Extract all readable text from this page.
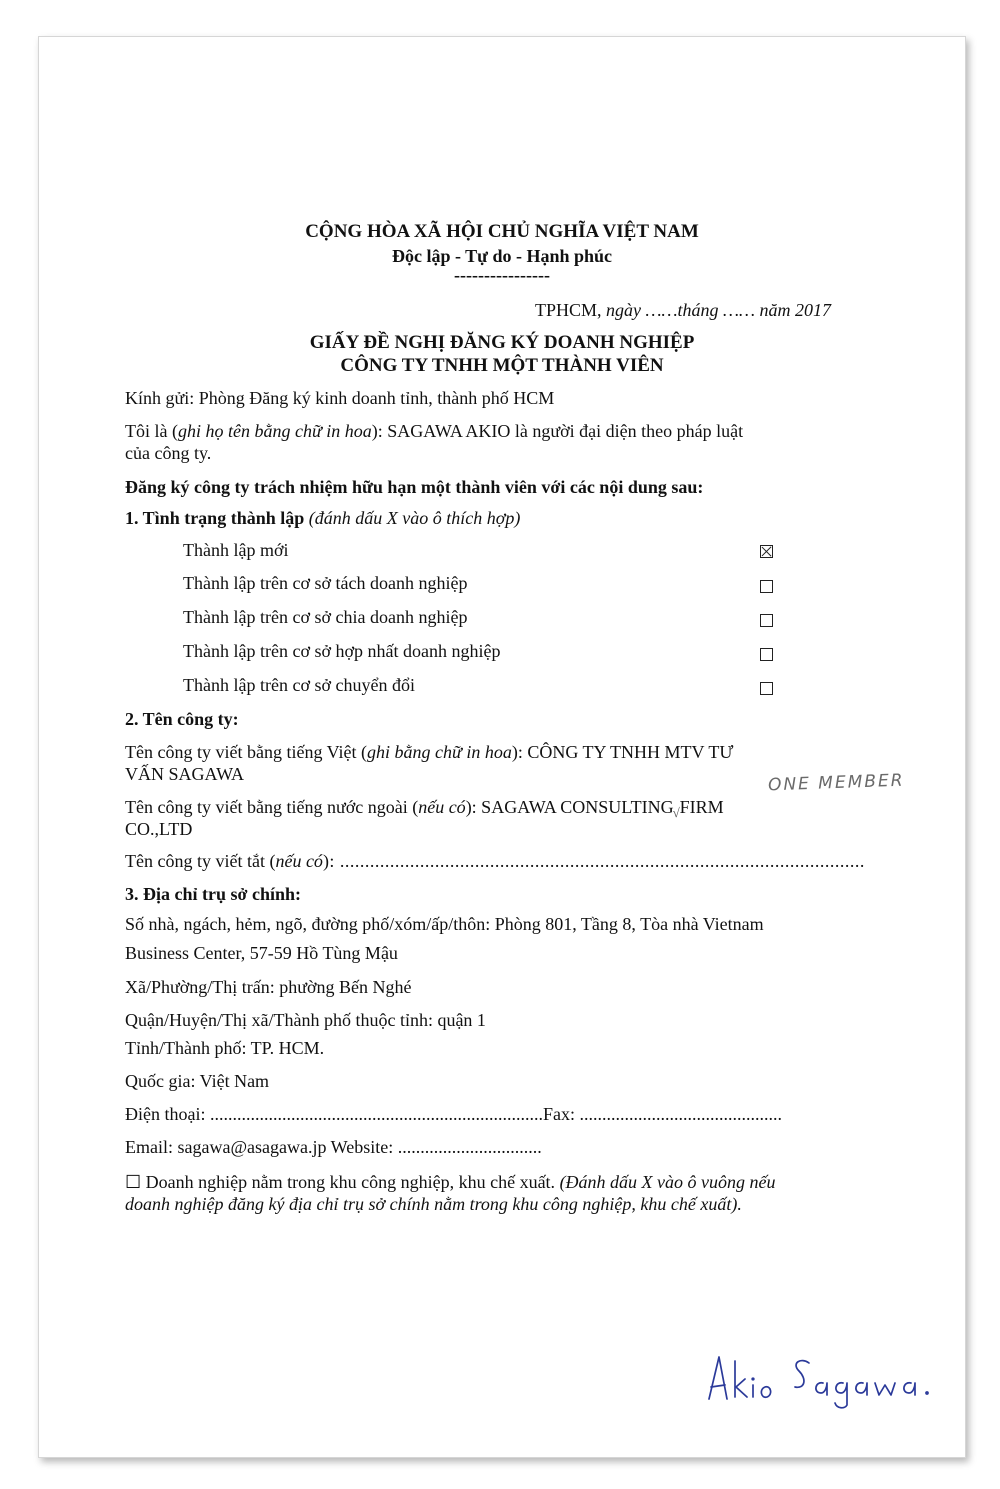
CỘNG HÒA XÃ HỘI CHỦ NGHĨA VIỆT NAM
Độc lập - Tự do - Hạnh phúc
----------------
TPHCM, ngày ……tháng …… năm 2017
GIẤY ĐỀ NGHỊ ĐĂNG KÝ DOANH NGHIỆP
CÔNG TY TNHH MỘT THÀNH VIÊN
Kính gửi: Phòng Đăng ký kinh doanh tỉnh, thành phố HCM
Tôi là (ghi họ tên bằng chữ in hoa): SAGAWA AKIO là người đại diện theo pháp luật
của công ty.
Đăng ký công ty trách nhiệm hữu hạn một thành viên với các nội dung sau:
1. Tình trạng thành lập (đánh dấu X vào ô thích hợp)
Thành lập mới
Thành lập trên cơ sở tách doanh nghiệp
Thành lập trên cơ sở chia doanh nghiệp
Thành lập trên cơ sở hợp nhất doanh nghiệp
Thành lập trên cơ sở chuyển đổi
2. Tên công ty:
Tên công ty viết bằng tiếng Việt (ghi bằng chữ in hoa): CÔNG TY TNHH MTV TƯ
VẤN SAGAWA	ONE MEMBER
Tên công ty viết bằng tiếng nước ngoài (nếu có): SAGAWA CONSULTING √ FIRM
CO.,LTD
Tên công ty viết tắt (nếu có): .........................................................................................................
3. Địa chỉ trụ sở chính:
Số nhà, ngách, hẻm, ngõ, đường phố/xóm/ấp/thôn: Phòng 801, Tầng 8, Tòa nhà Vietnam
Business Center, 57-59 Hồ Tùng Mậu
Xã/Phường/Thị trấn: phường Bến Nghé
Quận/Huyện/Thị xã/Thành phố thuộc tỉnh: quận 1
Tỉnh/Thành phố: TP. HCM.
Quốc gia: Việt Nam
Điện thoại: ..........................................................................Fax: .............................................
Email: sagawa@asagawa.jp Website: ................................
☐ Doanh nghiệp nằm trong khu công nghiệp, khu chế xuất. (Đánh dấu X vào ô vuông nếu
doanh nghiệp đăng ký địa chỉ trụ sở chính nằm trong khu công nghiệp, khu chế xuất).
